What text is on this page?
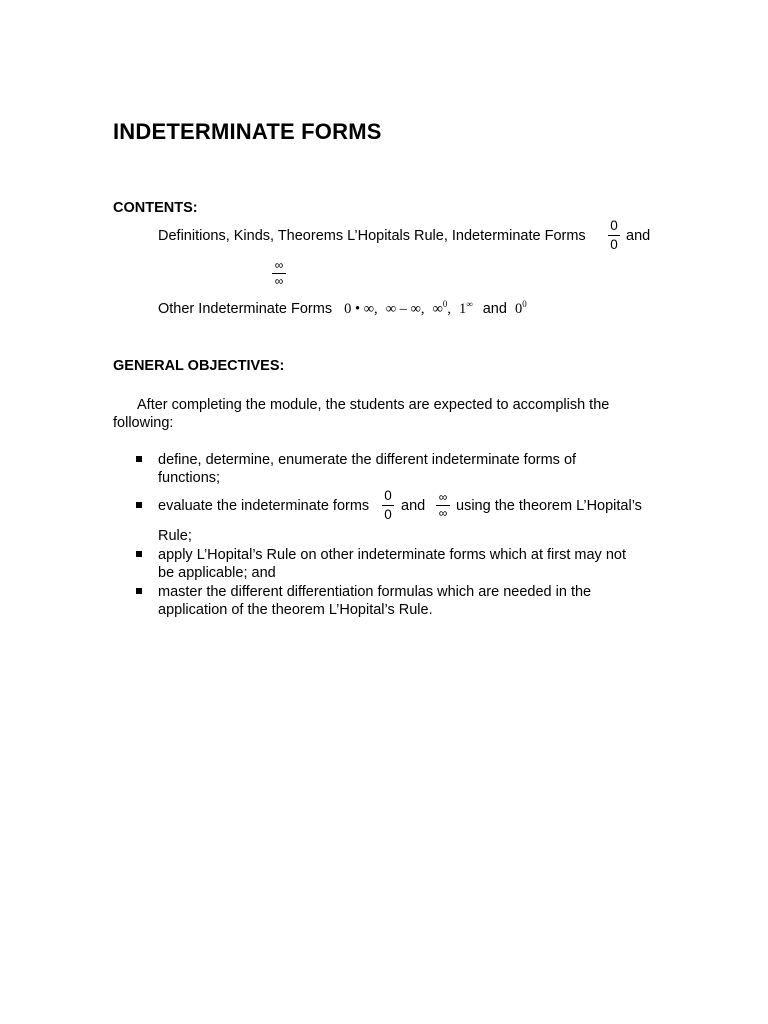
INDETERMINATE FORMS

CONTENTS:

Definitions, Kinds, Theorems L’Hopitals Rule, Indeterminate Forms
0
0
and
∞
∞
Other Indeterminate Forms 0 • ∞, ∞ – ∞, ∞$^0$, 1∞ and $0^0$

GENERAL OBJECTIVES:

After completing the module, the students are expected to accomplish the
following:
define, determine, enumerate the different indeterminate forms of
functions;
evaluate the indeterminate forms
0
0
and
∞
∞ using the theorem L’Hopital’s
Rule;
apply L’Hopital’s Rule on other indeterminate forms which at first may not
be applicable; and
master the different differentiation formulas which are needed in the
application of the theorem L’Hopital’s Rule.
